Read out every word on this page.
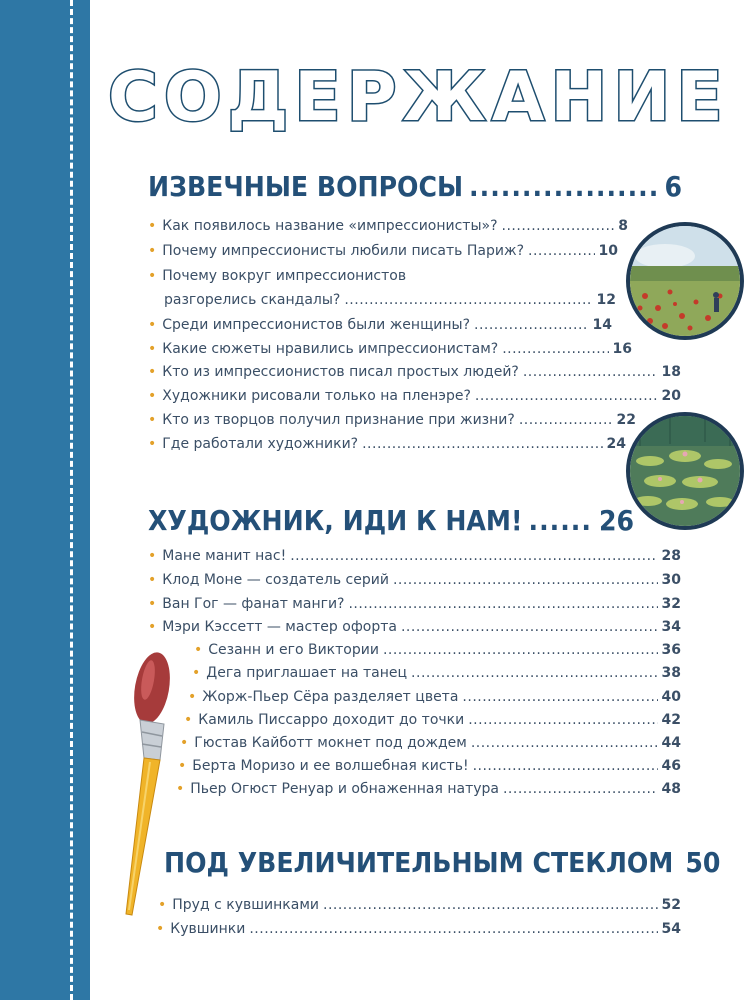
СОДЕРЖАНИЕ
ИЗВЕЧНЫЕ ВОПРОСЫ .....	6
• Как появилось название «импрессионисты»? .....	8
• Почему импрессионисты любили писать Париж? .....	10
• Почему вокруг импрессионистов
разгорелись скандалы? .....	12
• Среди импрессионистов были женщины? .....	14
• Какие сюжеты нравились импрессионистам? .....	16
• Кто из импрессионистов писал простых людей? .....	18
• Художники рисовали только на пленэре? .....	20
• Кто из творцов получил признание при жизни? .....	22
• Где работали художники? .....	24
ХУДОЖНИК, ИДИ К НАМ! .....	26
• Мане манит нас! .....	28
• Клод Моне — создатель серий .....	30
• Ван Гог — фанат манги? .....	32
• Мэри Кэссетт — мастер офорта .....	34
• Сезанн и его Виктории .....	36
• Дега приглашает на танец .....	38
• Жорж-Пьер Сёра разделяет цвета .....	40
• Камиль Писсарро доходит до точки .....	42
• Гюстав Кайботт мокнет под дождем .....	44
• Берта Моризо и ее волшебная кисть! .....	46
• Пьер Огюст Ренуар и обнаженная натура .....	48
ПОД УВЕЛИЧИТЕЛЬНЫМ СТЕКЛОМ 50
• Пруд с кувшинками .....	52
• Кувшинки .....	54
